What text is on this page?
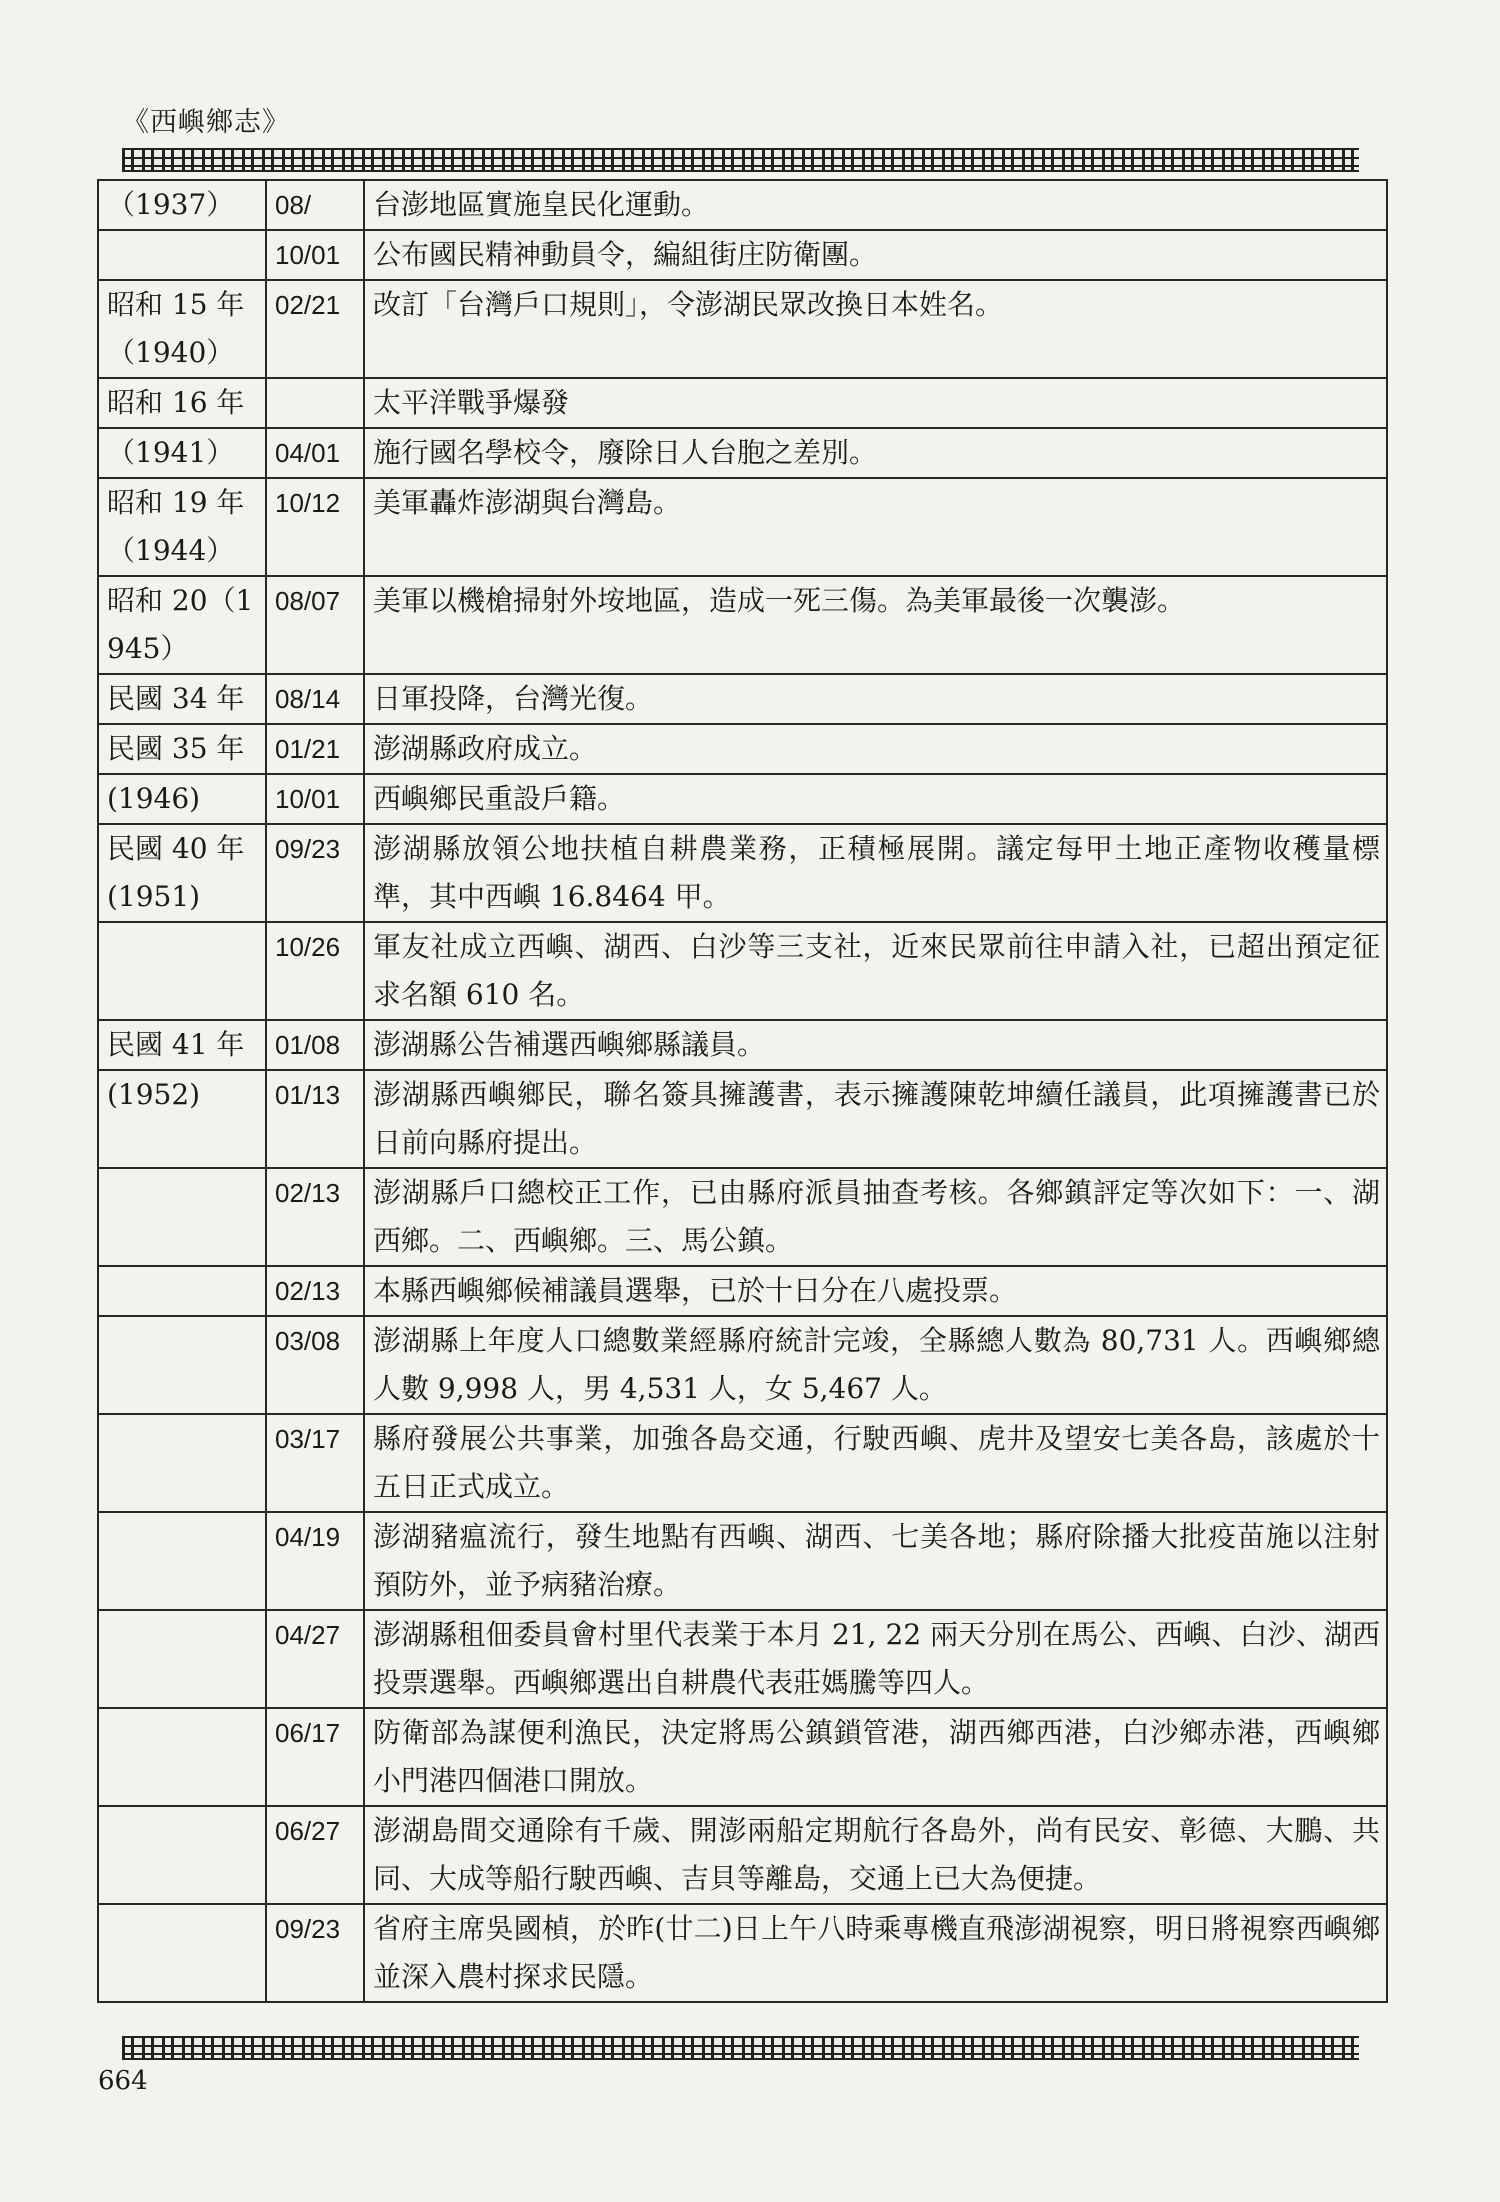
《西嶼鄉志》
（1937）	08/	台澎地區實施皇民化運動。
	10/01	公布國民精神動員令，編組街庄防衛團。
昭和 15 年（1940）	02/21	改訂「台灣戶口規則」，令澎湖民眾改換日本姓名。
昭和 16 年		太平洋戰爭爆發
（1941）	04/01	施行國名學校令，廢除日人台胞之差別。
昭和 19 年（1944）	10/12	美軍轟炸澎湖與台灣島。
昭和 20（1945）	08/07	美軍以機槍掃射外垵地區，造成一死三傷。為美軍最後一次襲澎。
民國 34 年	08/14	日軍投降，台灣光復。
民國 35 年	01/21	澎湖縣政府成立。
(1946)	10/01	西嶼鄉民重設戶籍。
民國 40 年(1951)	09/23	澎湖縣放領公地扶植自耕農業務，正積極展開。議定每甲土地正產物收穫量標準，其中西嶼 16.8464 甲。
	10/26	軍友社成立西嶼、湖西、白沙等三支社，近來民眾前往申請入社，已超出預定征求名額 610 名。
民國 41 年	01/08	澎湖縣公告補選西嶼鄉縣議員。
(1952)	01/13	澎湖縣西嶼鄉民，聯名簽具擁護書，表示擁護陳乾坤續任議員，此項擁護書已於日前向縣府提出。
	02/13	澎湖縣戶口總校正工作，已由縣府派員抽查考核。各鄉鎮評定等次如下：一、湖西鄉。二、西嶼鄉。三、馬公鎮。
	02/13	本縣西嶼鄉候補議員選舉，已於十日分在八處投票。
	03/08	澎湖縣上年度人口總數業經縣府統計完竣，全縣總人數為 80,731 人。西嶼鄉總人數 9,998 人，男 4,531 人，女 5,467 人。
	03/17	縣府發展公共事業，加強各島交通，行駛西嶼、虎井及望安七美各島，該處於十五日正式成立。
	04/19	澎湖豬瘟流行，發生地點有西嶼、湖西、七美各地；縣府除播大批疫苗施以注射預防外，並予病豬治療。
	04/27	澎湖縣租佃委員會村里代表業于本月 21, 22 兩天分別在馬公、西嶼、白沙、湖西投票選舉。西嶼鄉選出自耕農代表莊媽騰等四人。
	06/17	防衛部為謀便利漁民，決定將馬公鎮鎖管港，湖西鄉西港，白沙鄉赤港，西嶼鄉小門港四個港口開放。
	06/27	澎湖島間交通除有千歲、開澎兩船定期航行各島外，尚有民安、彰德、大鵬、共同、大成等船行駛西嶼、吉貝等離島，交通上已大為便捷。
	09/23	省府主席吳國楨，於昨(廿二)日上午八時乘專機直飛澎湖視察，明日將視察西嶼鄉並深入農村探求民隱。
664
